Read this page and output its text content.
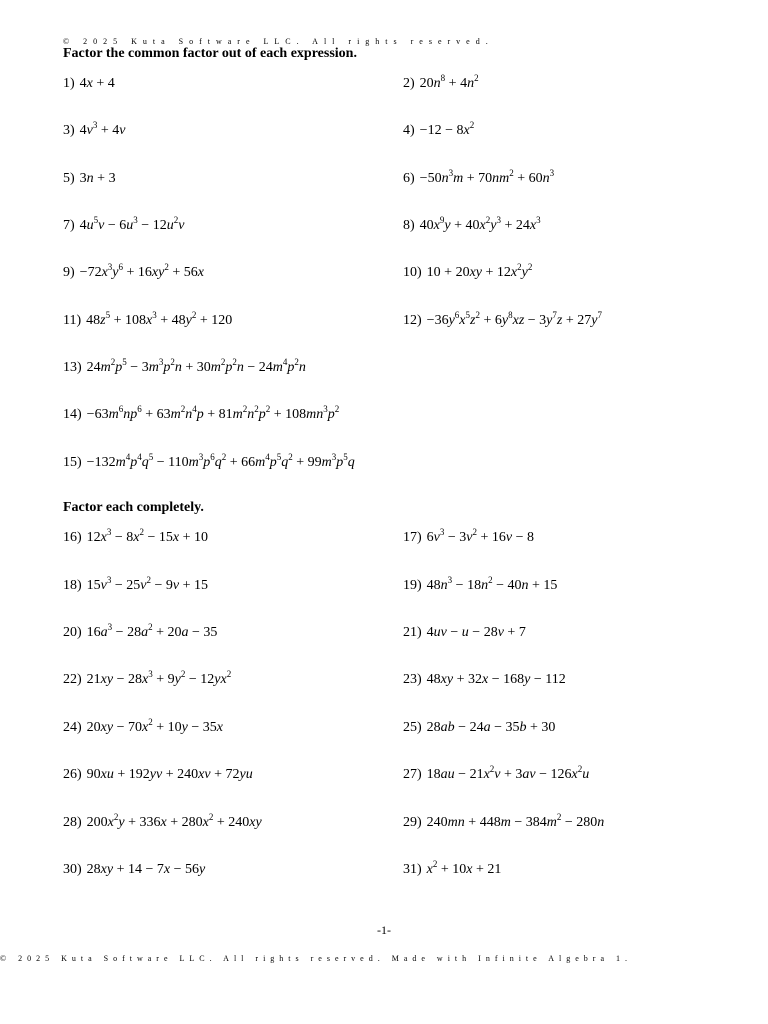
© 2025 Kuta Software LLC. All rights reserved.
Factor the common factor out of each expression.
1) 4x + 4	2) $20n^8 + 4n^2$
3) $4v^3 + 4v$	$4) -12 - 8x^2$
5) 3n + 3	$6) -50n^3m + 70nm^2 + 60n^3$
7) $4u^5v - 6u^3 - 12u^2v$	8) $40x^9y + 40x^2y^3 + 24x^3$
$9) -72x^3y^6 + 16xy^2 + 56x$	10) $10 + 20xy + 12x^2y^2$
11) $48z^5 + 108x^3 + 48y^2 + 120$	$12) -36y^6x^5z^2 + 6y^8xz - 3y^7z + 27y^7$
13) $24m^2p^5 - 3m^3p^2n + 30m^2p^2n - 24m^4p^2n$
$14) -63m^6np^6 + 63m^2n^4p + 81m^2n^2p^2 + 108mn^3p^2$
$15) -132m^4p^4q^5 - 110m^3p^6q^2 + 66m^4p^5q^2 + 99m^3p^5q$
Factor each completely.
16) $12x^3 - 8x^2 - 15x + 10$	17) $6v^3 - 3v^2 + 16v - 8$
18) $15v^3 - 25v^2 - 9v + 15$	19) $48n^3 - 18n^2 - 40n + 15$
20) $16a^3 - 28a^2 + 20a - 35$	21) 4uv − u − 28v + 7
22) $21xy - 28x^3 + 9y^2 - 12yx^2$	23) 48xy + 32x − 168y − 112
24) $20xy - 70x^2 + 10y - 35x$	25) 28ab − 24a − 35b + 30
26) 90xu + 192yv + 240xv + 72yu	27) $18au - 21x^2v + 3av - 126x^2u$
28) $200x^2y + 336x + 280x^2 + 240xy$	29) $240mn + 448m - 384m^2 - 280n$
30) 28xy + 14 − 7x − 56y	31) $x^2 + 10x + 21$
-1-
© 2025 Kuta Software LLC. All rights reserved. Made with Infinite Algebra 1.
